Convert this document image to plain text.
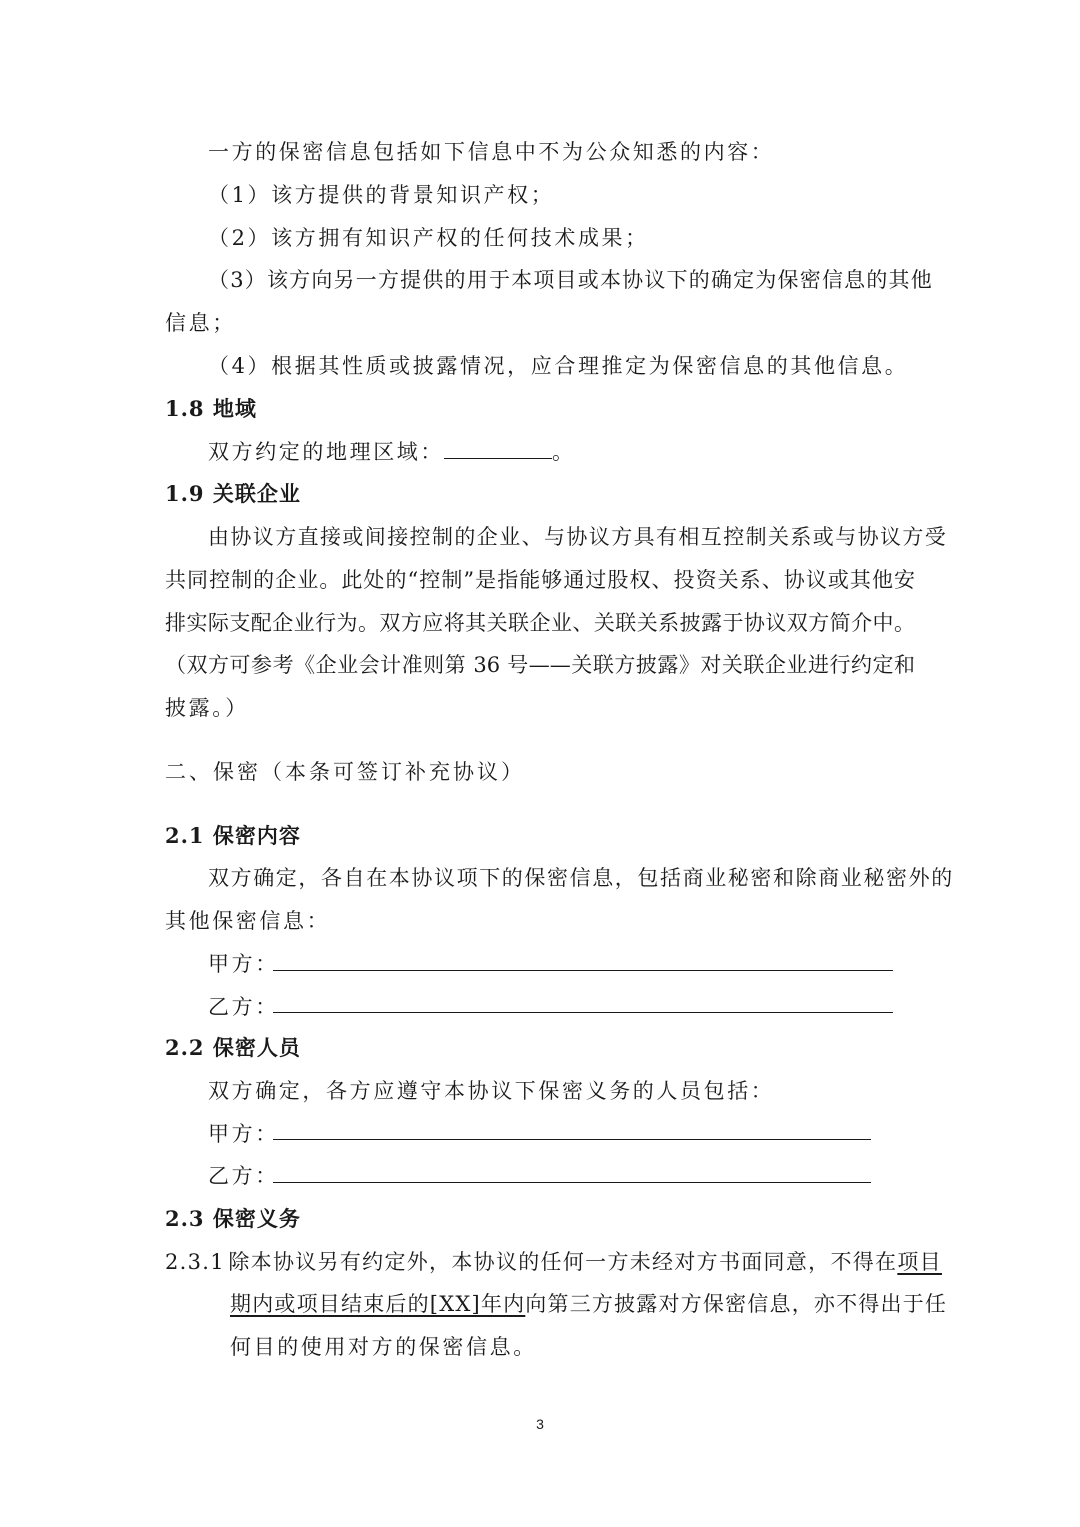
一方的保密信息包括如下信息中不为公众知悉的内容：
（1）该方提供的背景知识产权；
（2）该方拥有知识产权的任何技术成果；
（3）该方向另一方提供的用于本项目或本协议下的确定为保密信息的其他
信息；
（4）根据其性质或披露情况，应合理推定为保密信息的其他信息。
1.8 地域
双方约定的地理区域：	。
1.9 关联企业
由协议方直接或间接控制的企业、与协议方具有相互控制关系或与协议方受
共同控制的企业。此处的“控制”是指能够通过股权、投资关系、协议或其他安
排实际支配企业行为。双方应将其关联企业、关联关系披露于协议双方简介中。
（双方可参考《企业会计准则第 36 号——关联方披露》对关联企业进行约定和
披露。）
二、保密（本条可签订补充协议）
2.1 保密内容
双方确定，各自在本协议项下的保密信息，包括商业秘密和除商业秘密外的
其他保密信息：
甲方：
乙方：
2.2 保密人员
双方确定，各方应遵守本协议下保密义务的人员包括：
甲方：
乙方：
2.3 保密义务
2.3.1  除本协议另有约定外，本协议的任何一方未经对方书面同意，不得在项目
期内或项目结束后的[XX]年内向第三方披露对方保密信息，亦不得出于任
何目的使用对方的保密信息。
3
